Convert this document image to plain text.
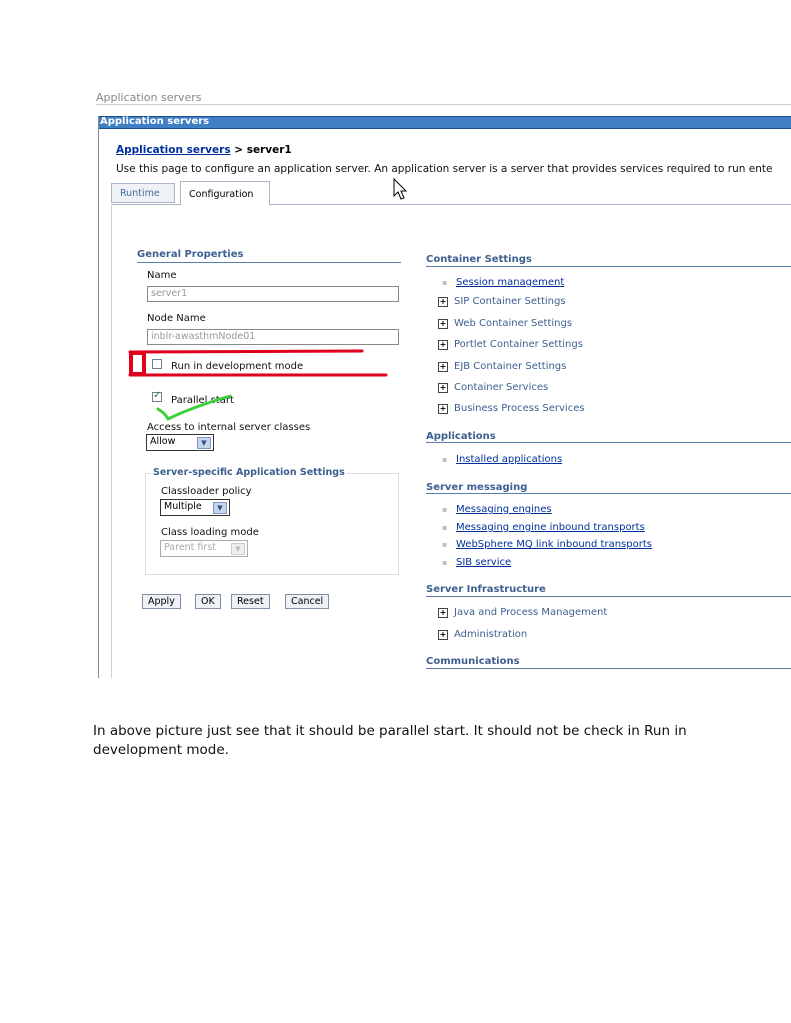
Application servers
Application servers
Application servers > server1
Use this page to configure an application server. An application server is a server that provides services required to run ente
Runtime	Configuration
General Properties
Name
server1
Node Name
inblr-awasthmNode01
Run in development mode
✓
Parallel start
Access to internal server classes
Allow	▼
Server-specific Application Settings
Classloader policy
Multiple	▼
Class loading mode
Parent first	▼
Apply	OK	Reset	Cancel
Container Settings
▪ Session management
+ SIP Container Settings
+ Web Container Settings
+ Portlet Container Settings
+ EJB Container Settings
+ Container Services
+ Business Process Services
Applications
▪ Installed applications
Server messaging
▪ Messaging engines
▪ Messaging engine inbound transports
▪ WebSphere MQ link inbound transports
▪ SIB service
Server Infrastructure
+ Java and Process Management
+ Administration
Communications
In above picture just see that it should be parallel start. It should not be check in Run in development mode.
